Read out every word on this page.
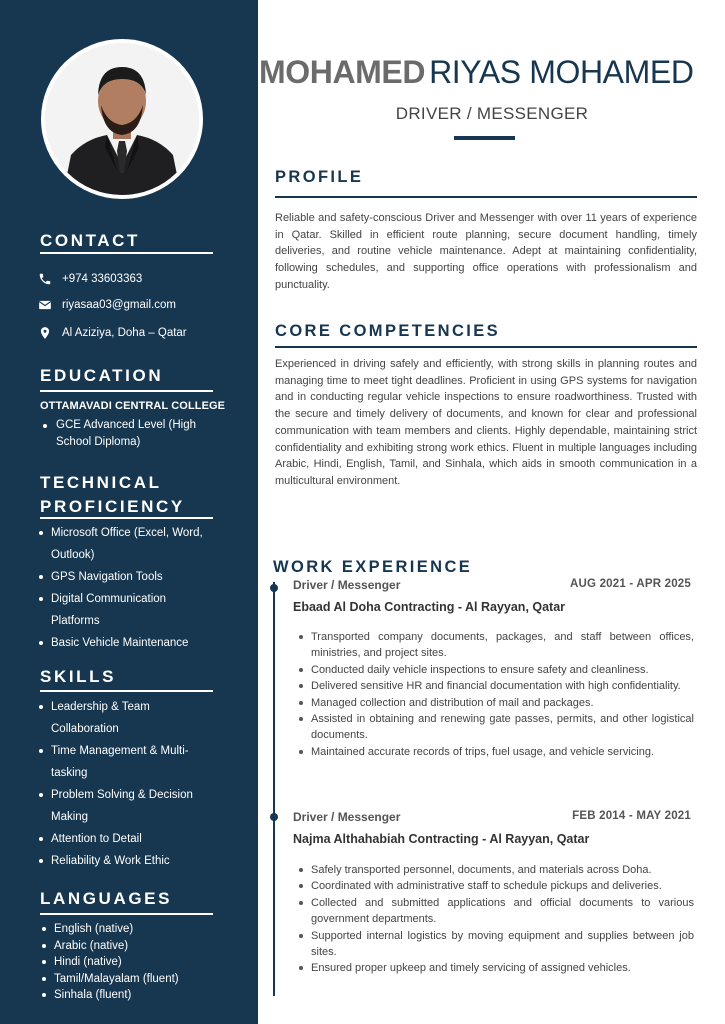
CONTACT
+974 33603363
riyasaa03@gmail.com
Al Aziziya, Doha – Qatar
EDUCATION
OTTAMAVADI CENTRAL COLLEGE
GCE Advanced Level (High School Diploma)
TECHNICAL
PROFICIENCY
Microsoft Office (Excel, Word,
Outlook)
GPS Navigation Tools
Digital Communication
Platforms
Basic Vehicle Maintenance
SKILLS
Leadership & Team
Collaboration
Time Management & Multi-
tasking
Problem Solving & Decision
Making
Attention to Detail
Reliability & Work Ethic
LANGUAGES
English (native)
Arabic (native)
Hindi (native)
Tamil/Malayalam (fluent)
Sinhala (fluent)
MOHAMED RIYAS MOHAMED
DRIVER / MESSENGER
PROFILE

Reliable and safety-conscious Driver and Messenger with over 11 years of experience in Qatar. Skilled in efficient route planning, secure document handling, timely deliveries, and routine vehicle maintenance. Adept at maintaining confidentiality, following schedules, and supporting office operations with professionalism and punctuality.

CORE COMPETENCIES

Experienced in driving safely and efficiently, with strong skills in planning routes and managing time to meet tight deadlines. Proficient in using GPS systems for navigation and in conducting regular vehicle inspections to ensure roadworthiness. Trusted with the secure and timely delivery of documents, and known for clear and professional communication with team members and clients. Highly dependable, maintaining strict confidentiality and exhibiting strong work ethics. Fluent in multiple languages including Arabic, Hindi, English, Tamil, and Sinhala, which aids in smooth communication in a multicultural environment.

WORK EXPERIENCE
Driver / Messenger	AUG 2021 - APR 2025
Ebaad Al Doha Contracting - Al Rayyan, Qatar
Transported company documents, packages, and staff between offices, ministries, and project sites.
Conducted daily vehicle inspections to ensure safety and cleanliness.
Delivered sensitive HR and financial documentation with high confidentiality.
Managed collection and distribution of mail and packages.
Assisted in obtaining and renewing gate passes, permits, and other logistical documents.
Maintained accurate records of trips, fuel usage, and vehicle servicing.
Driver / Messenger	FEB 2014 - MAY 2021
Najma Althahabiah Contracting - Al Rayyan, Qatar
Safely transported personnel, documents, and materials across Doha.
Coordinated with administrative staff to schedule pickups and deliveries.
Collected and submitted applications and official documents to various government departments.
Supported internal logistics by moving equipment and supplies between job sites.
Ensured proper upkeep and timely servicing of assigned vehicles.
